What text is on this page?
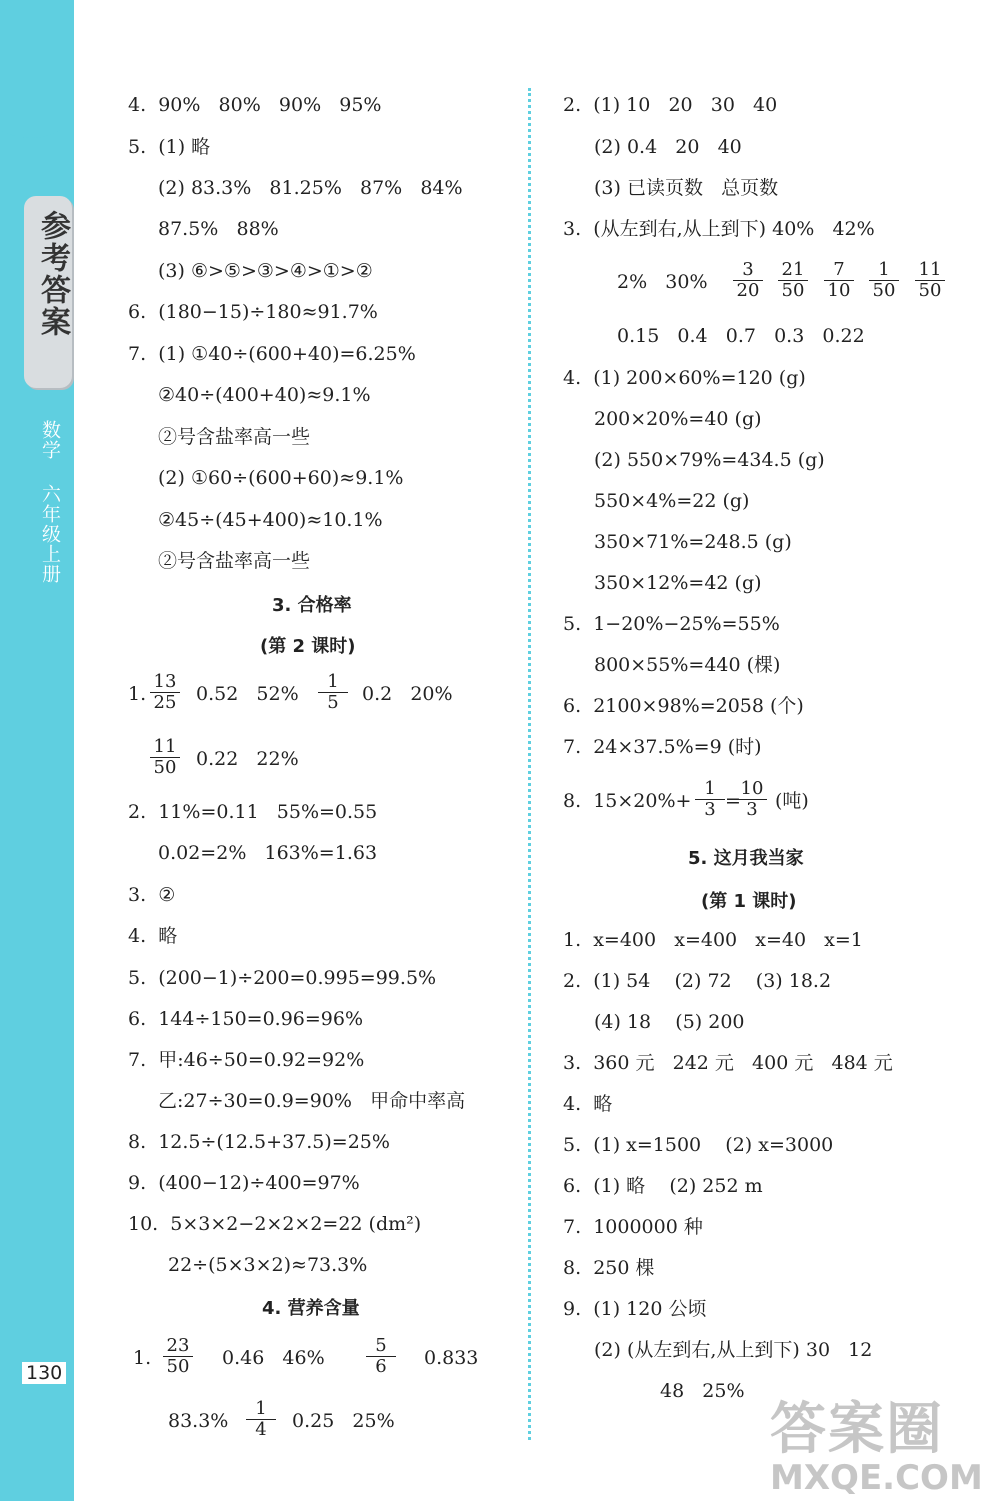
参考答案
数学
六年级上册
130
4.  90%   80%   90%   95%
5.  (1) 略
(2) 83.3%   81.25%   87%   84%
87.5%   88%
(3) ⑥>⑤>③>④>①>②
6.  (180−15)÷180≈91.7%
7.  (1) ①40÷(600+40)=6.25%
②40÷(400+40)≈9.1%
②号含盐率高一些
(2) ①60÷(600+60)≈9.1%
②45÷(45+400)≈10.1%
②号含盐率高一些
3. 合格率
(第 2 课时)
1. $\frac{13}{25} 0.52$   $52\% \frac{1}{5} 0.2$   20%
$\frac{11}{50} 0.22$   22%
2.  11%=0.11   55%=0.55
0.02=2%   163%=1.63
3.  ②
4.  略
5.  (200−1)÷200=0.995=99.5%
6.  144÷150=0.96=96%
7.  甲:46÷50=0.92=92%
乙:27÷30=0.9=90%   甲命中率高
8.  12.5÷(12.5+37.5)=25%
9.  (400−12)÷400=97%
10.  5×3×2−2×2×2=22 (dm²)
22÷(5×3×2)≈73.3%
4. 营养含量
1. $\frac{23}{50} 0.46$   $46\% \frac{5}{6} 0.833$
$83.3\% \frac{1}{4} 0.25$   25%
2.  (1) 10   20   30   40
(2) 0.4   20   40
(3) 已读页数   总页数
3.  (从左到右,从上到下) 40%   42%
2%   $30\% \frac{3}{20} \frac{21}{50} \frac{7}{10} \frac{1}{50} \frac{11}{50}$
0.15   0.4   0.7   0.3   0.22
4.  (1) 200×60%=120 (g)
200×20%=40 (g)
(2) 550×79%=434.5 (g)
550×4%=22 (g)
350×71%=248.5 (g)
350×12%=42 (g)
5.  1−20%−25%=55%
800×55%=440 (棵)
6.  2100×98%=2058 (个)
7.  24×37.5%=9 (时)
8.  $15\times 20\%+ \frac{1}{3}$ =
$\frac{10}{3}$ (吨)
5. 这月我当家
(第 1 课时)
1.  x=400   x=400   x=40   x=1
2.  (1) 54    (2) 72    (3) 18.2
(4) 18    (5) 200
3.  360 元   242 元   400 元   484 元
4.  略
5.  (1) x=1500    (2) x=3000
6.  (1) 略    (2) 252 m
7.  1000000 种
8.  250 棵
9.  (1) 120 公顷
(2) (从左到右,从上到下) 30   12
48   25%
答案圈
MXQE.COM
